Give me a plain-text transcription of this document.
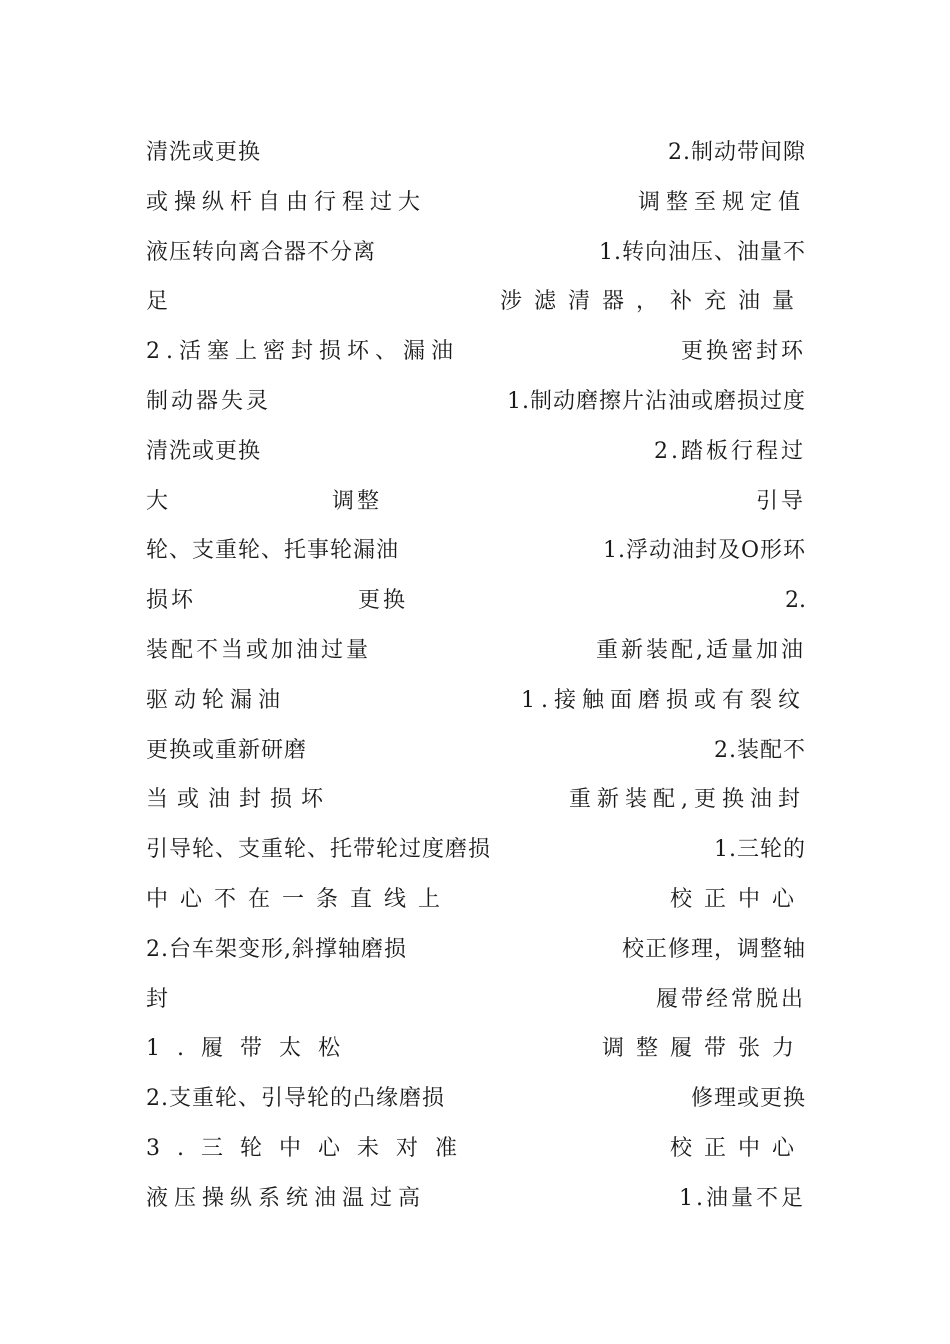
清洗或更换	2.制动带间隙
或操纵杆自由行程过大	调整至规定值
液压转向离合器不分离	1.转向油压、油量不
足	涉滤清器，补充油量
2.活塞上密封损坏、漏油	更换密封环
制动器失灵	1.制动磨擦片沾油或磨损过度
清洗或更换	2.踏板行程过
大	调整	引导
轮、支重轮、托事轮漏油	1.浮动油封及O形环
损坏	更换	2.
装配不当或加油过量	重新装配,适量加油
驱动轮漏油	1.接触面磨损或有裂纹
更换或重新研磨	2.装配不
当或油封损坏	重新装配,更换油封
引导轮、支重轮、托带轮过度磨损	1.三轮的
中心不在一条直线上	校正中心
2.台车架变形,斜撑轴磨损	校正修理，调整轴
封	履带经常脱出
1.履带太松	调整履带张力
2.支重轮、引导轮的凸缘磨损	修理或更换
3.三轮中心未对准	校正中心
液压操纵系统油温过高	1.油量不足
